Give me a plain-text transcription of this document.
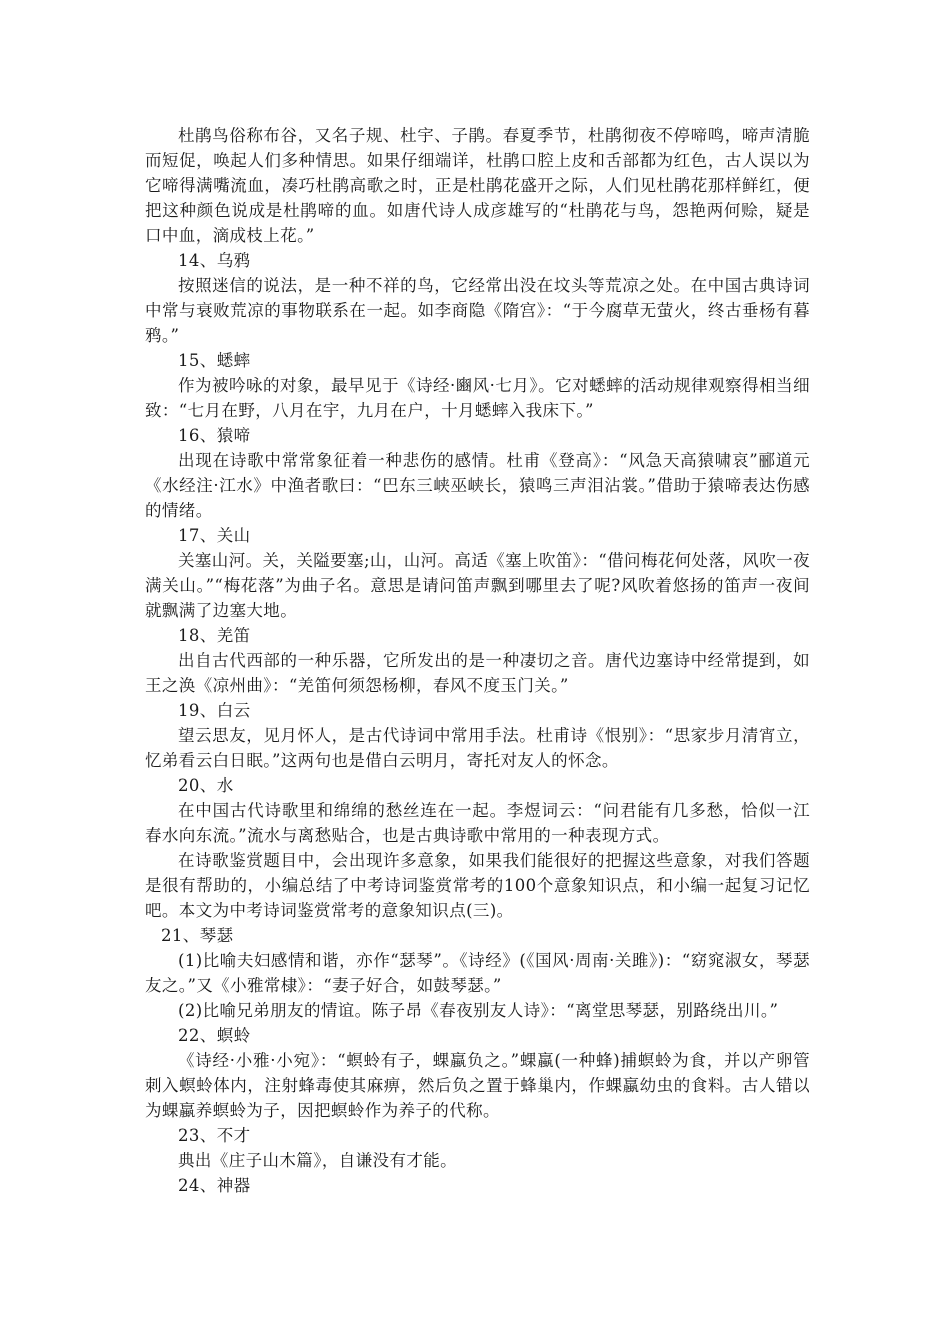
杜鹃鸟俗称布谷，又名子规、杜宇、子鹃。春夏季节，杜鹃彻夜不停啼鸣，啼声清脆而短促，唤起人们多种情思。如果仔细端详，杜鹃口腔上皮和舌部都为红色，古人误以为它啼得满嘴流血，凑巧杜鹃高歌之时，正是杜鹃花盛开之际，人们见杜鹃花那样鲜红，便把这种颜色说成是杜鹃啼的血。如唐代诗人成彦雄写的“杜鹃花与鸟，怨艳两何赊，疑是口中血，滴成枝上花。”

14、乌鸦

按照迷信的说法，是一种不祥的鸟，它经常出没在坟头等荒凉之处。在中国古典诗词中常与衰败荒凉的事物联系在一起。如李商隐《隋宫》：“于今腐草无萤火，终古垂杨有暮鸦。”

15、蟋蟀

作为被吟咏的对象，最早见于《诗经·豳风·七月》。它对蟋蟀的活动规律观察得相当细致：“七月在野，八月在宇，九月在户，十月蟋蟀入我床下。”

16、猿啼

出现在诗歌中常常象征着一种悲伤的感情。杜甫《登高》：“风急天高猿啸哀”郦道元《水经注·江水》中渔者歌曰：“巴东三峡巫峡长，猿鸣三声泪沾裳。”借助于猿啼表达伤感的情绪。

17、关山

关塞山河。关，关隘要塞;山，山河。高适《塞上吹笛》：“借问梅花何处落，风吹一夜满关山。”“梅花落”为曲子名。意思是请问笛声飘到哪里去了呢?风吹着悠扬的笛声一夜间就飘满了边塞大地。

18、羌笛

出自古代西部的一种乐器，它所发出的是一种凄切之音。唐代边塞诗中经常提到，如王之涣《凉州曲》：“羌笛何须怨杨柳，春风不度玉门关。”

19、白云

望云思友，见月怀人，是古代诗词中常用手法。杜甫诗《恨别》：“思家步月清宵立，忆弟看云白日眠。”这两句也是借白云明月，寄托对友人的怀念。

20、水

在中国古代诗歌里和绵绵的愁丝连在一起。李煜词云：“问君能有几多愁，恰似一江春水向东流。”流水与离愁贴合，也是古典诗歌中常用的一种表现方式。

在诗歌鉴赏题目中，会出现许多意象，如果我们能很好的把握这些意象，对我们答题是很有帮助的，小编总结了中考诗词鉴赏常考的100个意象知识点，和小编一起复习记忆吧。本文为中考诗词鉴赏常考的意象知识点(三)。

21、琴瑟

(1)比喻夫妇感情和谐，亦作“瑟琴”。《诗经》(《国风·周南·关雎》)：“窈窕淑女，琴瑟友之。”又《小雅常棣》：“妻子好合，如鼓琴瑟。”

(2)比喻兄弟朋友的情谊。陈子昂《春夜别友人诗》：“离堂思琴瑟，别路绕出川。”

22、螟蛉

《诗经·小雅·小宛》：“螟蛉有子，蜾蠃负之。”蜾蠃(一种蜂)捕螟蛉为食，并以产卵管刺入螟蛉体内，注射蜂毒使其麻痹，然后负之置于蜂巢内，作蜾蠃幼虫的食料。古人错以为蜾蠃养螟蛉为子，因把螟蛉作为养子的代称。

23、不才

典出《庄子山木篇》，自谦没有才能。

24、神器
